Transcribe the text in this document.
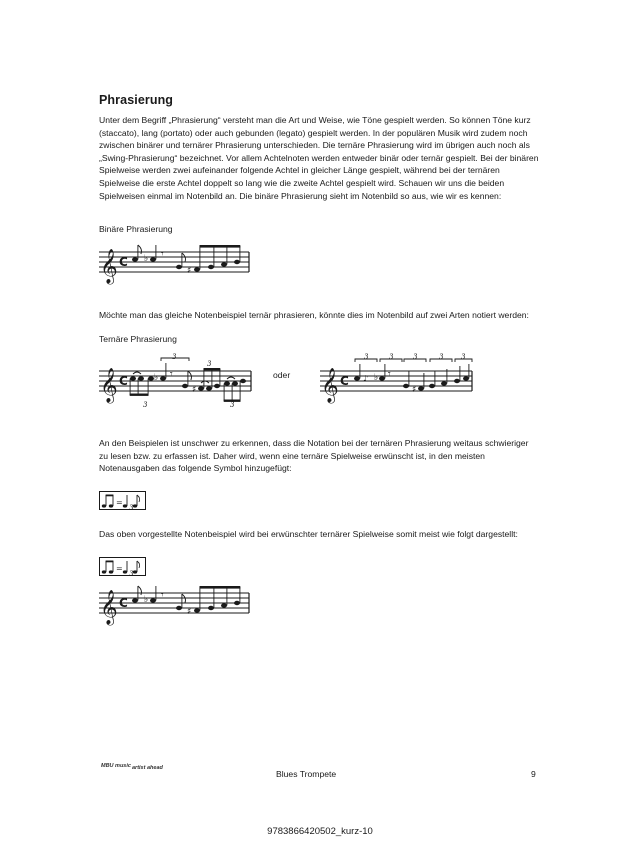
Phrasierung

Unter dem Begriff „Phrasierung“ versteht man die Art und Weise, wie Töne gespielt werden. So können Töne kurz (staccato), lang (portato) oder auch gebunden (legato) gespielt werden. In der populären Musik wird zudem noch zwischen binärer und ternärer Phrasierung unterschieden. Die ternäre Phrasierung wird im übrigen auch noch als „Swing-Phrasierung“ bezeichnet. Vor allem Achtelnoten werden entweder binär oder ternär gespielt. Bei der binären Spielweise werden zwei aufeinander folgende Achtel in gleicher Länge gespielt, während bei der ternären Spielweise die erste Achtel doppelt so lang wie die zweite Achtel gespielt wird. Schauen wir uns die beiden Spielweisen einmal im Notenbild an. Die binäre Phrasierung sieht im Notenbild so aus, wie wir es kennen:

Binäre Phrasierung

𝄞 C ♭ 𝄾
♯

Möchte man das gleiche Notenbeispiel ternär phrasieren, könnte dies im Notenbild auf zwei Arten notiert werden:

Ternäre Phrasierung

𝄞 C
3
♭ 𝄾
3
♯
3
3

oder 𝄞 C ♪
3
♭ 𝄾
3
♯
3	3	3

An den Beispielen ist unschwer zu erkennen, dass die Notation bei der ternären Phrasierung weitaus schwieriger zu lesen bzw. zu erfassen ist. Daher wird, wenn eine ternäre Spielweise erwünscht ist, in den meisten Notenausgaben das folgende Symbol hinzugefügt:

=
3

Das oben vorgestellte Notenbeispiel wird bei erwünschter ternärer Spielweise somit meist wie folgt dargestellt:

=
3
𝄞 C ♭ 𝄾
♯
MBU music artist ahead
Blues Trompete	9
9783866420502_kurz-10
